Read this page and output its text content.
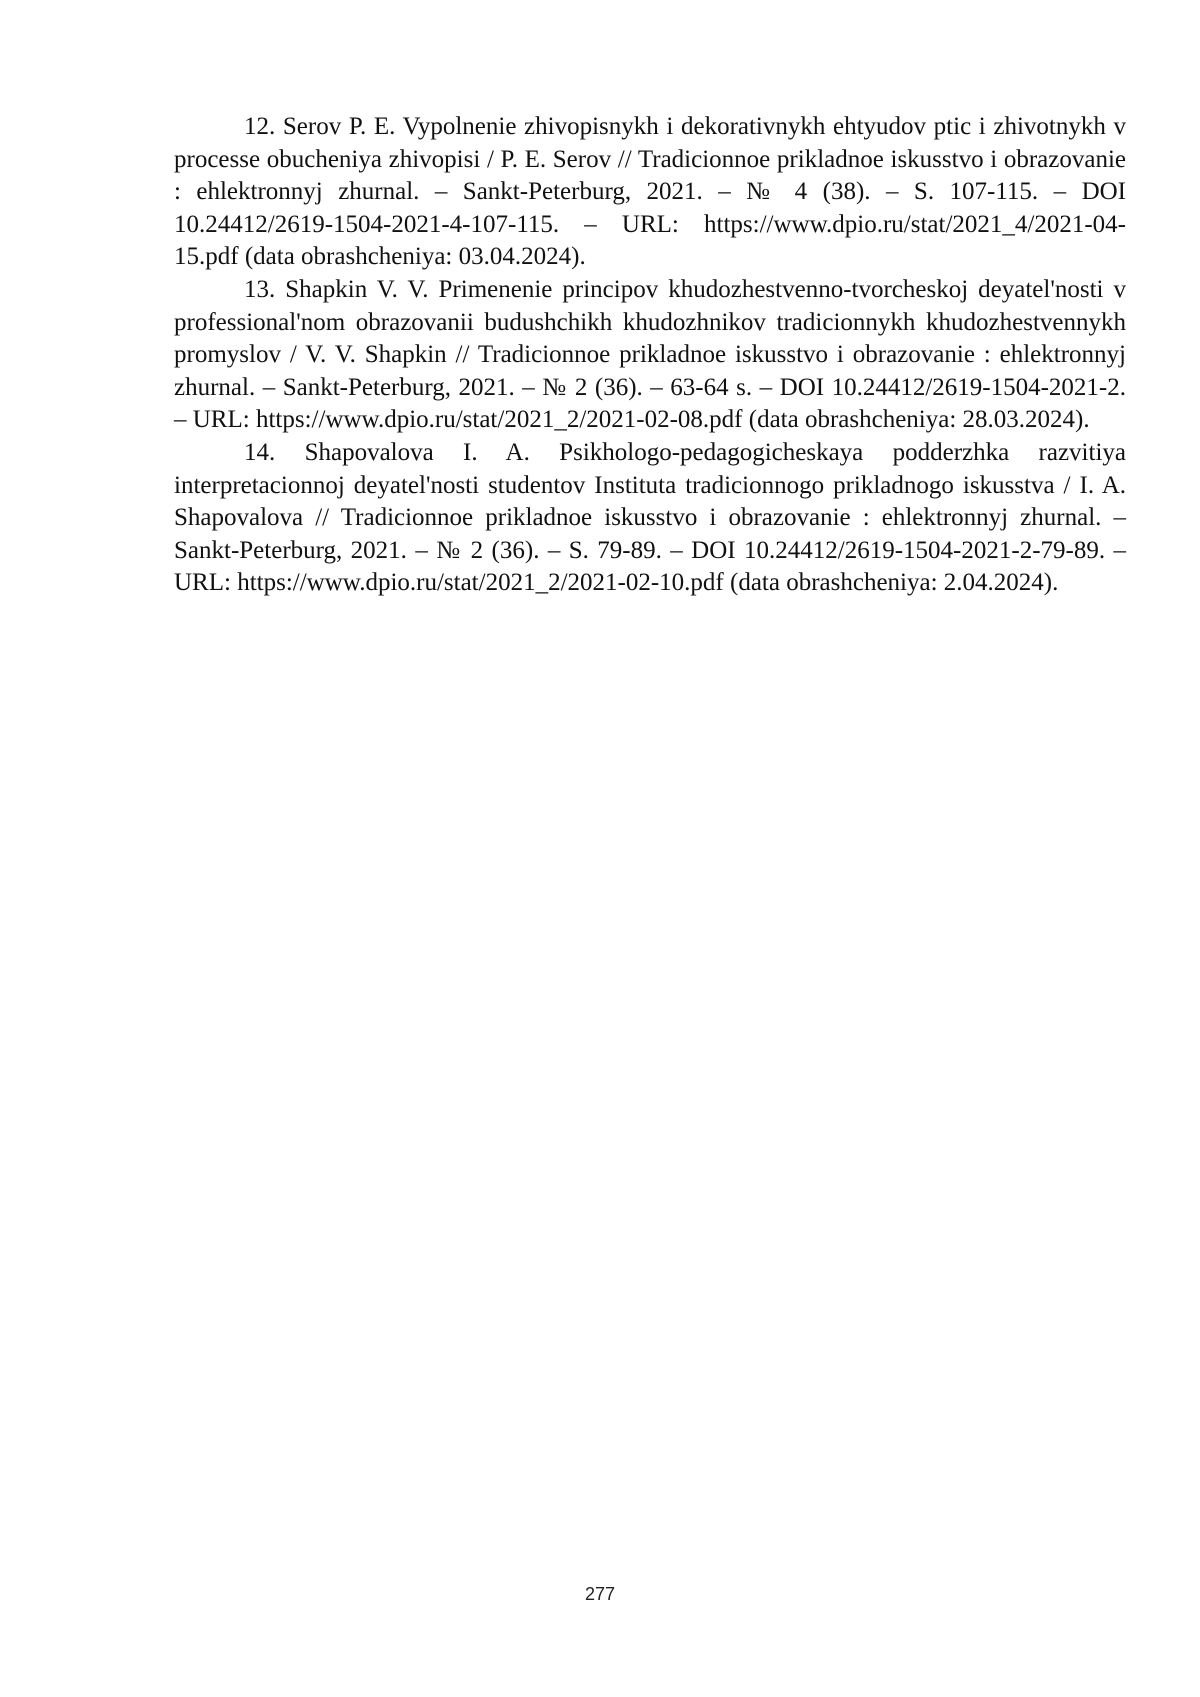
12. Serov P. E. Vypolnenie zhivopisnykh i dekorativnykh ehtyudov ptic i zhivotnykh v processe obucheniya zhivopisi / P. E. Serov // Tradicionnoe prikladnoe iskusstvo i obrazovanie : ehlektronnyj zhurnal. – Sankt-Peterburg, 2021. – № 4 (38). – S. 107-115. – DOI 10.24412/2619-1504-2021-4-107-115. – URL: https://www.dpio.ru/stat/2021_4/2021-04-15.pdf (data obrashcheniya: 03.04.2024).

13. Shapkin V. V. Primenenie principov khudozhestvenno-tvorcheskoj deyatel'nosti v professional'nom obrazovanii budushchikh khudozhnikov tradicionnykh khudozhestvennykh promyslov / V. V. Shapkin // Tradicionnoe prikladnoe iskusstvo i obrazovanie : ehlektronnyj zhurnal. – Sankt-Peterburg, 2021. – № 2 (36). – 63-64 s. – DOI 10.24412/2619-1504-2021-2. – URL: https://www.dpio.ru/stat/2021_2/2021-02-08.pdf (data obrashcheniya: 28.03.2024).

14. Shapovalova I. A. Psikhologo-pedagogicheskaya podderzhka razvitiya interpretacionnoj deyatel'nosti studentov Instituta tradicionnogo prikladnogo iskusstva / I. A. Shapovalova // Tradicionnoe prikladnoe iskusstvo i obrazovanie : ehlektronnyj zhurnal. – Sankt-Peterburg, 2021. – № 2 (36). – S. 79-89. – DOI 10.24412/2619-1504-2021-2-79-89. – URL: https://www.dpio.ru/stat/2021_2/2021-02-10.pdf (data obrashcheniya: 2.04.2024).

277
